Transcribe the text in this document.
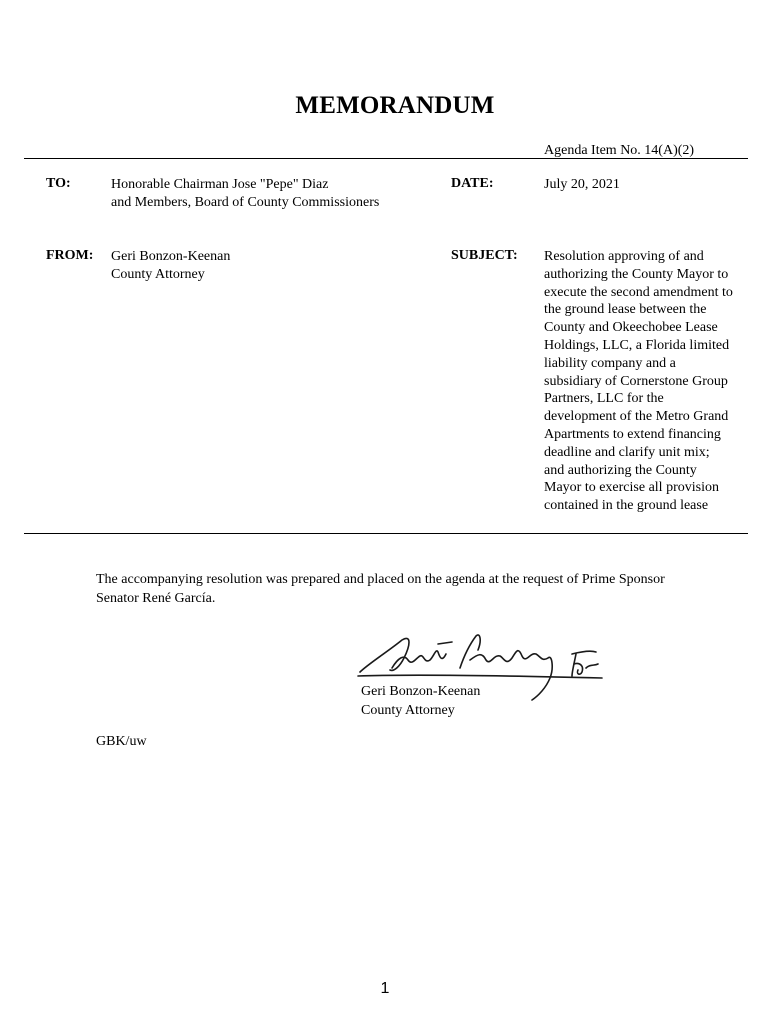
MEMORANDUM
Agenda Item No. 14(A)(2)
TO:	Honorable Chairman Jose "Pepe" Diaz
and Members, Board of County Commissioners
DATE:	July 20, 2021
FROM: Geri Bonzon-Keenan
County Attorney
SUBJECT: Resolution approving of and
authorizing the County Mayor to
execute the second amendment to
the ground lease between the
County and Okeechobee Lease
Holdings, LLC, a Florida limited
liability company and a
subsidiary of Cornerstone Group
Partners, LLC for the
development of the Metro Grand
Apartments to extend financing
deadline and clarify unit mix;
and authorizing the County
Mayor to exercise all provision
contained in the ground lease
The accompanying resolution was prepared and placed on the agenda at the request of Prime Sponsor
Senator René García.
Geri Bonzon-Keenan
County Attorney
GBK/uw
1
